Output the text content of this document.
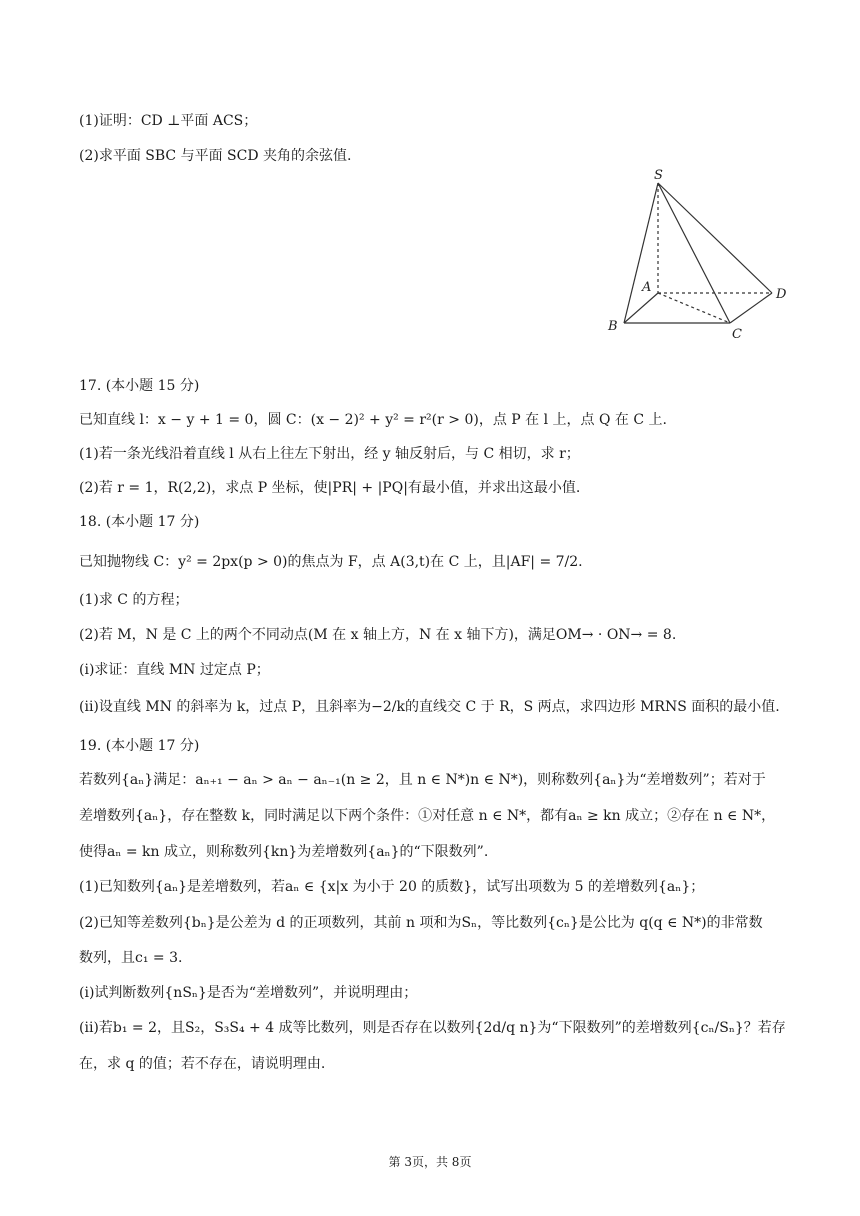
(1)证明：CD ⊥平面 ACS；
(2)求平面 SBC 与平面 SCD 夹角的余弦值.
S
A
B
C
D
17. (本小题 15 分)
已知直线 l：x − y + 1 = 0，圆 C：(x − 2)² + y² = r²(r > 0)，点 P 在 l 上，点 Q 在 C 上.
(1)若一条光线沿着直线 l 从右上往左下射出，经 y 轴反射后，与 C 相切，求 r；
(2)若 r = 1，R(2,2)，求点 P 坐标，使|PR| + |PQ|有最小值，并求出这最小值.
18. (本小题 17 分)
已知抛物线 C：y² = 2px(p > 0)的焦点为 F，点 A(3,t)在 C 上，且|AF| = 7/2.
(1)求 C 的方程；
(2)若 M，N 是 C 上的两个不同动点(M 在 x 轴上方，N 在 x 轴下方)，满足OM→ · ON→ = 8.
(i)求证：直线 MN 过定点 P；
(ii)设直线 MN 的斜率为 k，过点 P，且斜率为−2/k的直线交 C 于 R，S 两点，求四边形 MRNS 面积的最小值.
19. (本小题 17 分)
若数列{aₙ}满足：aₙ₊₁ − aₙ > aₙ − aₙ₋₁(n ≥ 2，且 n ∈ N*)n ∈ N*)，则称数列{aₙ}为“差增数列”；若对于
差增数列{aₙ}，存在整数 k，同时满足以下两个条件：①对任意 n ∈ N*，都有aₙ ≥ kn 成立；②存在 n ∈ N*，
使得aₙ = kn 成立，则称数列{kn}为差增数列{aₙ}的“下限数列”.
(1)已知数列{aₙ}是差增数列，若aₙ ∈ {x|x 为小于 20 的质数}，试写出项数为 5 的差增数列{aₙ}；
(2)已知等差数列{bₙ}是公差为 d 的正项数列，其前 n 项和为Sₙ，等比数列{cₙ}是公比为 q(q ∈ N*)的非常数
数列，且c₁ = 3.
(i)试判断数列{nSₙ}是否为“差增数列”，并说明理由；
(ii)若b₁ = 2，且S₂，S₃S₄ + 4 成等比数列，则是否存在以数列{2d/q n}为“下限数列”的差增数列{cₙ/Sₙ}？若存
在，求 q 的值；若不存在，请说明理由.
第 3页，共 8页
